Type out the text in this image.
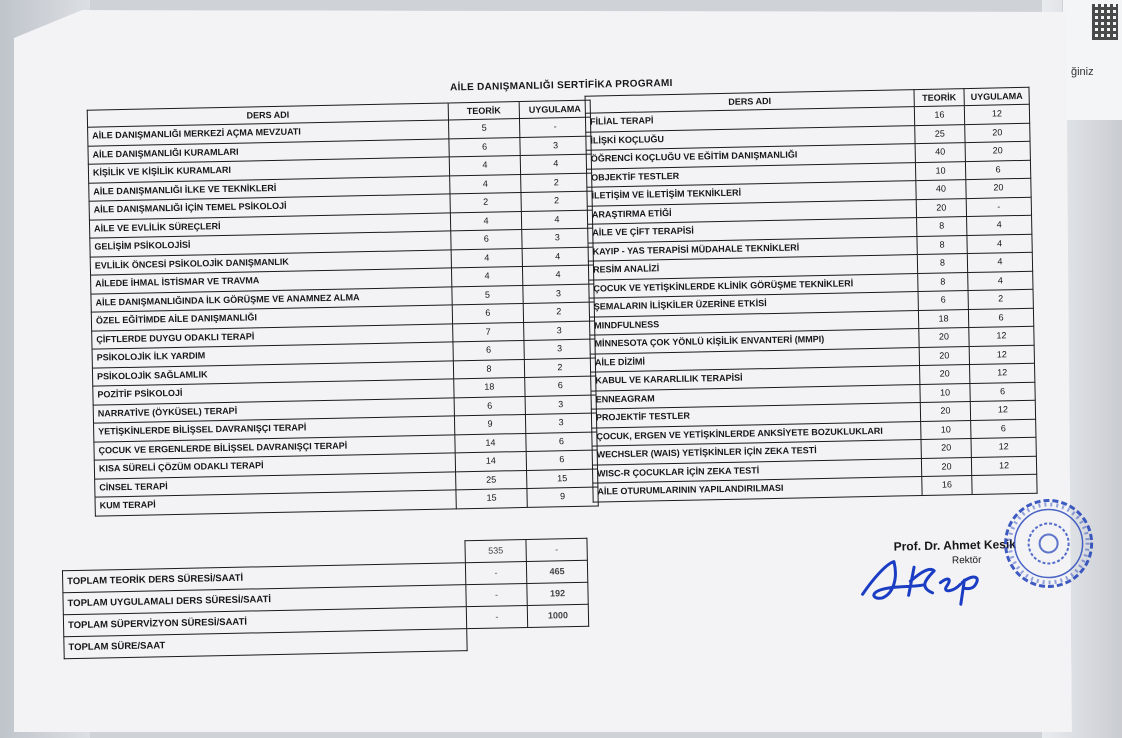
ğiniz
AİLE DANIŞMANLIĞI SERTİFİKA PROGRAMI
DERS ADI	TEORİK	UYGULAMA
AİLE DANIŞMANLIĞI MERKEZİ AÇMA MEVZUATI	5	-
AİLE DANIŞMANLIĞI KURAMLARI	6	3
KİŞİLİK VE KİŞİLİK KURAMLARI	4	4
AİLE DANIŞMANLIĞI İLKE VE TEKNİKLERİ	4	2
AİLE DANIŞMANLIĞI İÇİN TEMEL PSİKOLOJİ	2	2
AİLE VE EVLİLİK SÜREÇLERİ	4	4
GELİŞİM PSİKOLOJİSİ	6	3
EVLİLİK ÖNCESİ PSİKOLOJİK DANIŞMANLIK	4	4
AİLEDE İHMAL İSTİSMAR VE TRAVMA	4	4
AİLE DANIŞMANLIĞINDA İLK GÖRÜŞME VE ANAMNEZ ALMA	5	3
ÖZEL EĞİTİMDE AİLE DANIŞMANLIĞI	6	2
ÇİFTLERDE DUYGU ODAKLI TERAPİ	7	3
PSİKOLOJİK İLK YARDIM	6	3
PSİKOLOJİK SAĞLAMLIK	8	2
POZİTİF PSİKOLOJİ	18	6
NARRATİVE (ÖYKÜSEL) TERAPİ	6	3
YETİŞKİNLERDE BİLİŞSEL DAVRANIŞÇI TERAPİ	9	3
ÇOCUK VE ERGENLERDE BİLİŞSEL DAVRANIŞÇI TERAPİ	14	6
KISA SÜRELİ ÇÖZÜM ODAKLI TERAPİ	14	6
CİNSEL TERAPİ	25	15
KUM TERAPİ	15	9
DERS ADI	TEORİK	UYGULAMA
FİLİAL TERAPİ	16	12
İLİŞKİ KOÇLUĞU	25	20
ÖĞRENCİ KOÇLUĞU VE EĞİTİM DANIŞMANLIĞI	40	20
OBJEKTİF TESTLER	10	6
İLETİŞİM VE İLETİŞİM TEKNİKLERİ	40	20
ARAŞTIRMA ETİĞİ	20	-
AİLE VE ÇİFT TERAPİSİ	8	4
KAYIP - YAS TERAPİSİ MÜDAHALE TEKNİKLERİ	8	4
RESİM ANALİZİ	8	4
ÇOCUK VE YETİŞKİNLERDE KLİNİK GÖRÜŞME TEKNİKLERİ	8	4
ŞEMALARIN İLİŞKİLER ÜZERİNE ETKİSİ	6	2
MINDFULNESS	18	6
MİNNESOTA ÇOK YÖNLÜ KİŞİLİK ENVANTERİ (MMPI)	20	12
AİLE DİZİMİ	20	12
KABUL VE KARARLILIK TERAPİSİ	20	12
ENNEAGRAM	10	6
PROJEKTİF TESTLER	20	12
ÇOCUK, ERGEN VE YETİŞKİNLERDE ANKSİYETE BOZUKLUKLARI	10	6
WECHSLER (WAIS) YETİŞKİNLER İÇİN ZEKA TESTİ	20	12
WISC-R ÇOCUKLAR İÇİN ZEKA TESTİ	20	12
AİLE OTURUMLARININ YAPILANDIRILMASI	16	
	535	-
TOPLAM TEORİK DERS SÜRESİ/SAATİ	-	465
TOPLAM UYGULAMALI DERS SÜRESİ/SAATİ	-	192
TOPLAM SÜPERVİZYON SÜRESİ/SAATİ	-	1000
TOPLAM SÜRE/SAAT		
Prof. Dr. Ahmet Kesik
Rektör
